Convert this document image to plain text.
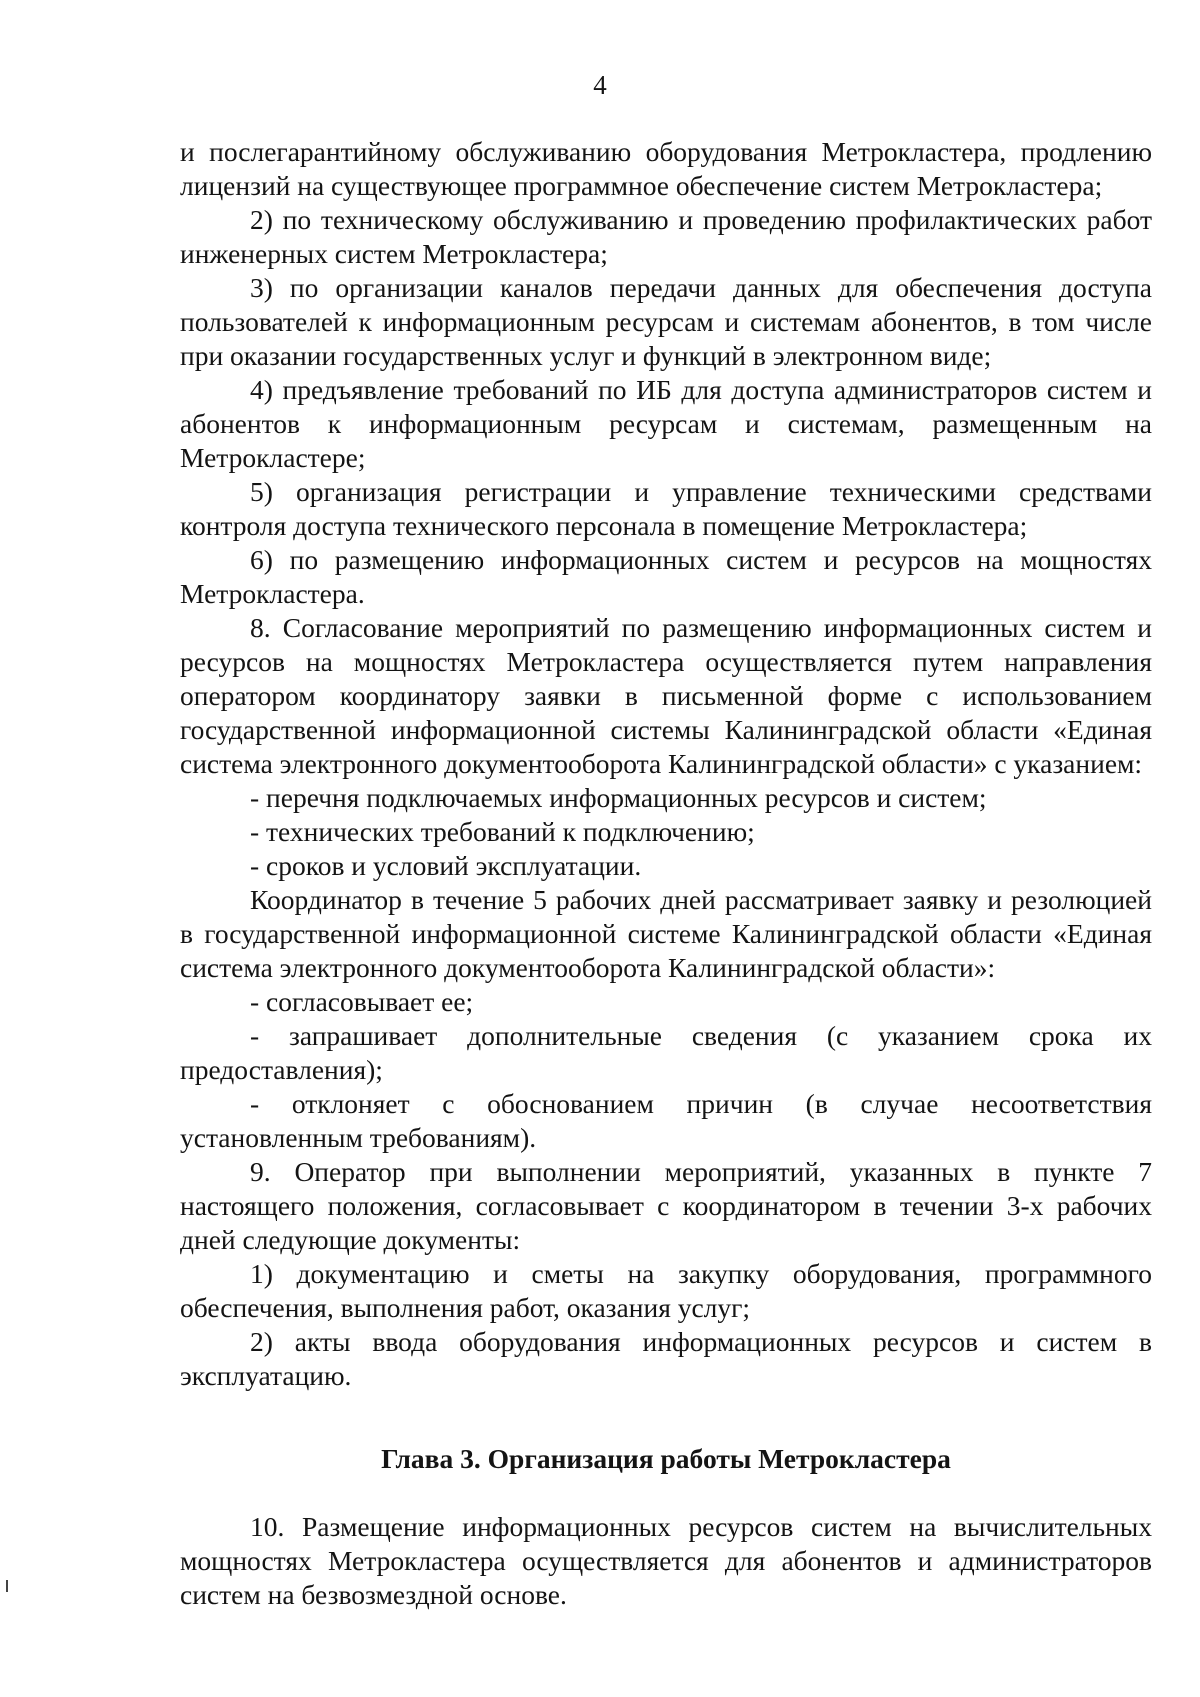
4

и послегарантийному обслуживанию оборудования Метрокластера, продлению лицензий на существующее программное обеспечение систем Метрокластера;

2) по техническому обслуживанию и проведению профилактических работ инженерных систем Метрокластера;

3) по организации каналов передачи данных для обеспечения доступа пользователей к информационным ресурсам и системам абонентов, в том числе при оказании государственных услуг и функций в электронном виде;

4) предъявление требований по ИБ для доступа администраторов систем и абонентов к информационным ресурсам и системам, размещенным на Метрокластере;

5) организация регистрации и управление техническими средствами контроля доступа технического персонала в помещение Метрокластера;

6) по размещению информационных систем и ресурсов на мощностях Метрокластера.

8. Согласование мероприятий по размещению информационных систем и ресурсов на мощностях Метрокластера осуществляется путем направления оператором координатору заявки в письменной форме с использованием государственной информационной системы Калининградской области «Единая система электронного документооборота Калининградской области» с указанием:

- перечня подключаемых информационных ресурсов и систем;

- технических требований к подключению;

- сроков и условий эксплуатации.

Координатор в течение 5 рабочих дней рассматривает заявку и резолюцией в государственной информационной системе Калининградской области «Единая система электронного документооборота Калининградской области»:

- согласовывает ее;

- запрашивает дополнительные сведения (с указанием срока их предоставления);

- отклоняет с обоснованием причин (в случае несоответствия установленным требованиям).

9. Оператор при выполнении мероприятий, указанных в пункте 7 настоящего положения, согласовывает с координатором в течении 3-х рабочих дней следующие документы:

1) документацию и сметы на закупку оборудования, программного обеспечения, выполнения работ, оказания услуг;

2) акты ввода оборудования информационных ресурсов и систем в эксплуатацию.

Глава 3. Организация работы Метрокластера

10. Размещение информационных ресурсов систем на вычислительных мощностях Метрокластера осуществляется для абонентов и администраторов систем на безвозмездной основе.
